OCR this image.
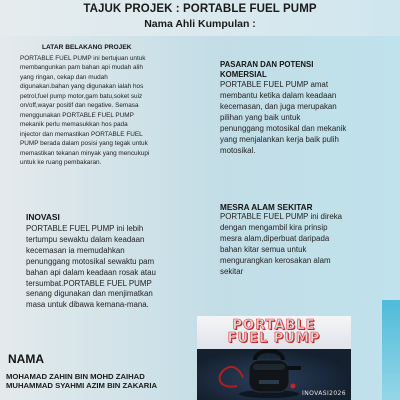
TAJUK PROJEK : PORTABLE FUEL PUMP
Nama Ahli Kumpulan :
LATAR BELAKANG PROJEK
PORTABLE FUEL PUMP ini bertujuan untuk
membangunkan pam bahan api mudah alih
yang ringan, cekap dan mudah
digunakan.bahan yang digunakan ialah hos
petrol,fuel pump motor,gam batu,soket suiz
on/off,wayar positif dan negative. Semasa
menggunakan PORTABLE FUEL PUMP
mekanik perlu memasukkan hos pada
injector dan memastikan PORTABLE FUEL
PUMP berada dalam posisi yang tegak untuk
memastikan tekanan minyak yang mencukupi
untuk ke ruang pembakaran.
PASARAN DAN POTENSI
KOMERSIAL
PORTABLE FUEL PUMP amat
membantu ketika dalam keadaan
kecemasan, dan juga merupakan
pilihan yang baik untuk
penunggang motosikal dan mekanik
yang menjalankan kerja baik pulih
motosikal.
INOVASI
PORTABLE FUEL PUMP ini lebih
tertumpu sewaktu dalam keadaan
kecemasan ia memudahkan
penunggang motosikal sewaktu pam
bahan api dalam keadaan rosak atau
tersumbat.PORTABLE FUEL PUMP
senang digunakan dan menjimatkan
masa untuk dibawa kemana-mana.
MESRA ALAM SEKITAR
PORTABLE FUEL PUMP ini direka
dengan mengambil kira prinsip
mesra alam,diperbuat daripada
bahan kitar semua untuk
mengurangkan kerosakan alam
sekitar
NAMA
MOHAMAD ZAHIN BIN MOHD ZAIHAD
MUHAMMAD SYAHMI AZIM BIN ZAKARIA
PORTABLE
FUEL PUMP
INOVASI2026
